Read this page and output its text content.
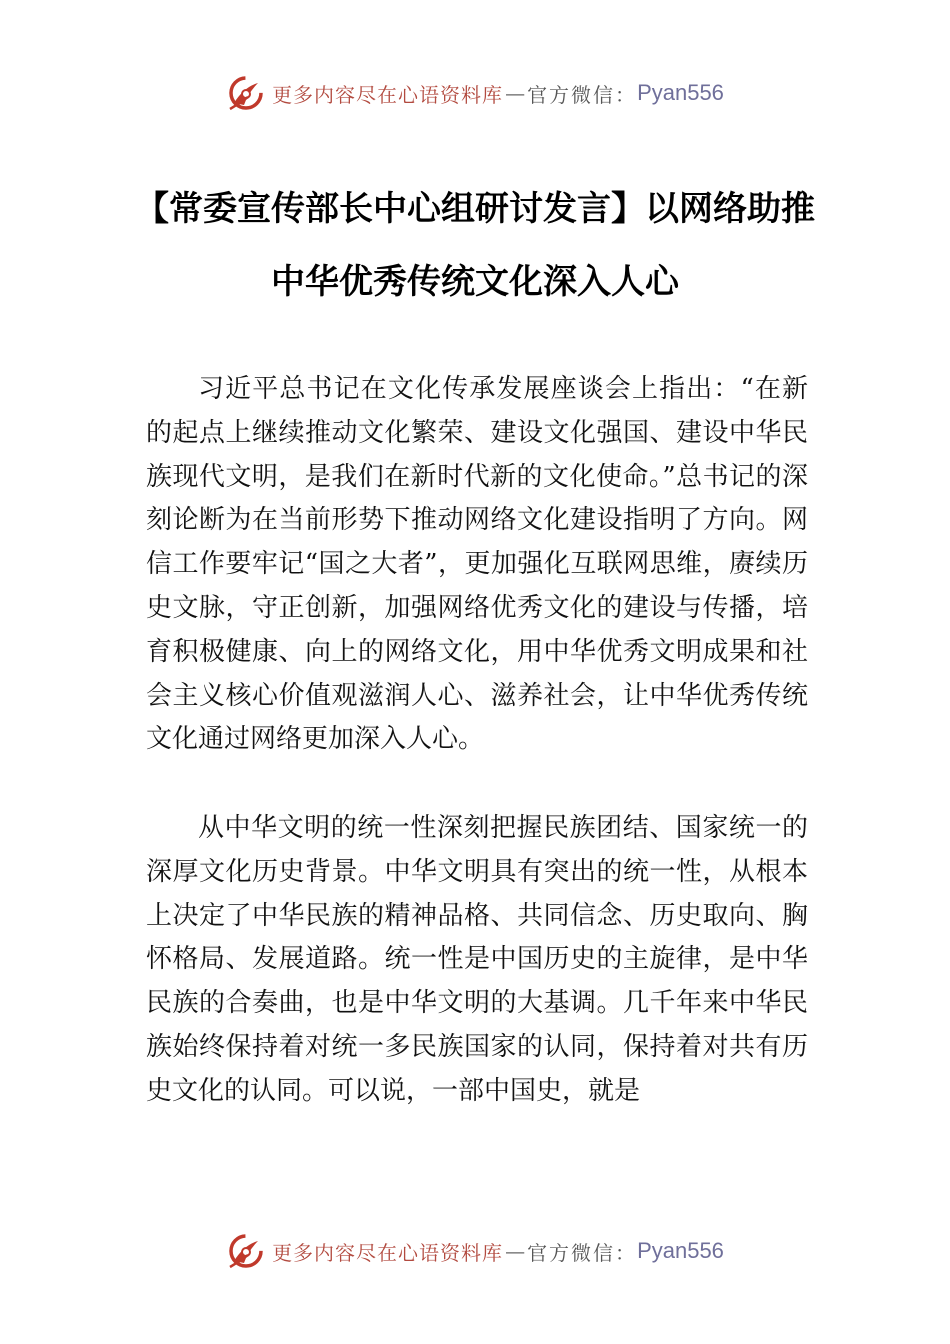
更多内容尽在心语资料库 — 官方微信： Pyan556
【常委宣传部长中心组研讨发言】以网络助推中华优秀传统文化深入人心

习近平总书记在文化传承发展座谈会上指出：“在新的起点上继续推动文化繁荣、建设文化强国、建设中华民族现代文明，是我们在新时代新的文化使命。”总书记的深刻论断为在当前形势下推动网络文化建设指明了方向。网信工作要牢记“国之大者”，更加强化互联网思维，赓续历史文脉，守正创新，加强网络优秀文化的建设与传播，培育积极健康、向上的网络文化，用中华优秀文明成果和社会主义核心价值观滋润人心、滋养社会，让中华优秀传统文化通过网络更加深入人心。

从中华文明的统一性深刻把握民族团结、国家统一的深厚文化历史背景。中华文明具有突出的统一性，从根本上决定了中华民族的精神品格、共同信念、历史取向、胸怀格局、发展道路。统一性是中国历史的主旋律，是中华民族的合奏曲，也是中华文明的大基调。几千年来中华民族始终保持着对统一多民族国家的认同，保持着对共有历史文化的认同。可以说，一部中国史，就是

更多内容尽在心语资料库 — 官方微信： Pyan556
